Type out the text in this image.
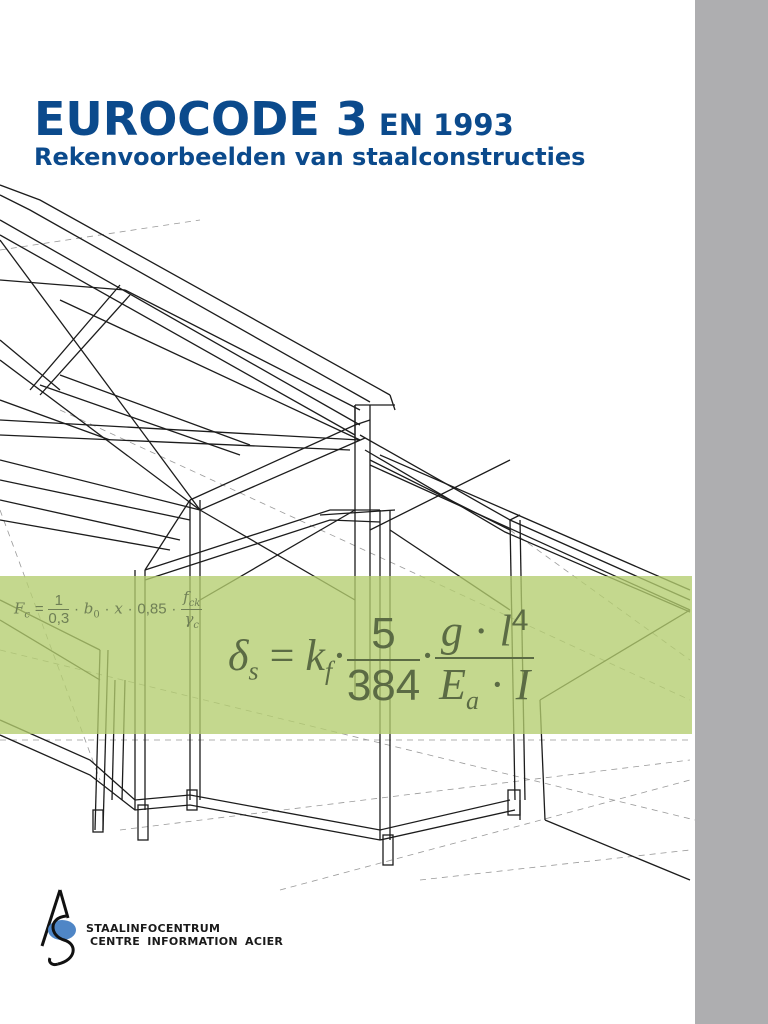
EUROCODE 3 EN 1993
Rekenvoorbeelden van staalconstructies
$F_c = \frac{1}{0,3} \cdot b_0 \cdot x \cdot 0,85 \cdot \frac{f_{ck}}{\gamma_c}$
$\delta_s = k_f\cdot \frac{5}{384} \cdot \frac{g \cdot l^4}{E_a \cdot I}$
STAALINFOCENTRUM
CENTRE INFORMATION ACIER
